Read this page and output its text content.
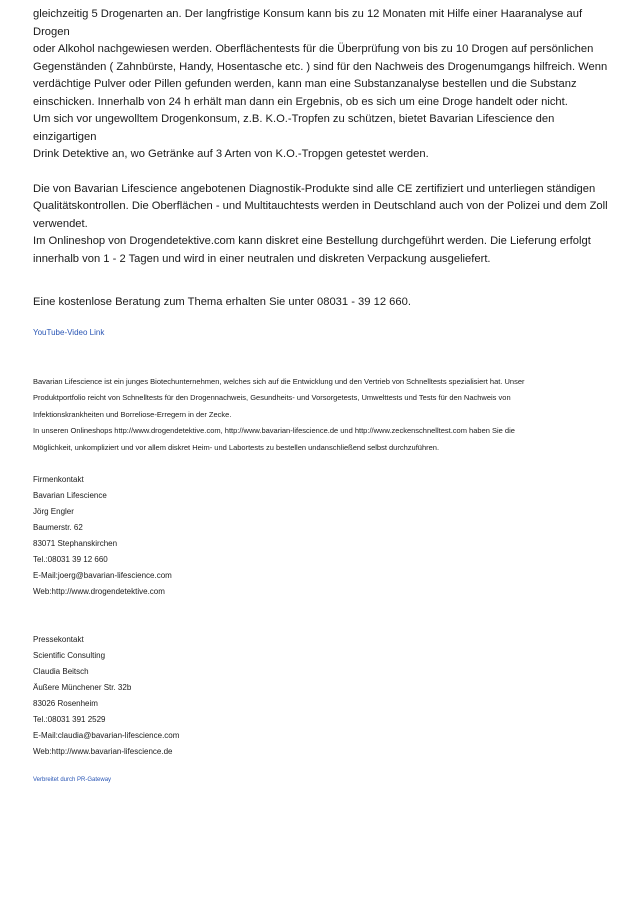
gleichzeitig 5 Drogenarten an. Der langfristige Konsum kann bis zu 12 Monaten mit Hilfe einer Haaranalyse auf Drogen
oder Alkohol nachgewiesen werden. Oberflächentests für die Überprüfung von bis zu 10 Drogen auf persönlichen
Gegenständen ( Zahnbürste, Handy, Hosentasche etc. ) sind für den Nachweis des Drogenumgangs hilfreich. Wenn
verdächtige Pulver oder Pillen gefunden werden, kann man eine Substanzanalyse bestellen und die Substanz
einschicken. Innerhalb von 24 h erhält man dann ein Ergebnis, ob es sich um eine Droge handelt oder nicht.
Um sich vor ungewolltem Drogenkonsum, z.B. K.O.-Tropfen zu schützen, bietet Bavarian Lifescience den einzigartigen
Drink Detektive an, wo Getränke auf 3 Arten von K.O.-Tropgen getestet werden.

Die von Bavarian Lifescience angebotenen Diagnostik-Produkte sind alle CE zertifiziert und unterliegen ständigen
Qualitätskontrollen. Die Oberflächen - und Multitauchtests werden in Deutschland auch von der Polizei und dem Zoll
verwendet.
Im Onlineshop von Drogendetektive.com kann diskret eine Bestellung durchgeführt werden. Die Lieferung erfolgt
innerhalb von 1 - 2 Tagen und wird in einer neutralen und diskreten Verpackung ausgeliefert.

Eine kostenlose Beratung zum Thema erhalten Sie unter 08031 - 39 12 660.

YouTube-Video Link

Bavarian Lifescience ist ein junges Biotechunternehmen, welches sich auf die Entwicklung und den Vertrieb von Schnelltests spezialisiert hat. Unser
Produktportfolio reicht von Schnelltests für den Drogennachweis, Gesundheits- und Vorsorgetests, Umwelttests und Tests für den Nachweis von
Infektionskrankheiten und Borreliose-Erregern in der Zecke.
In unseren Onlineshops http://www.drogendetektive.com, http://www.bavarian-lifescience.de und http://www.zeckenschnelltest.com haben Sie die
Möglichkeit, unkompliziert und vor allem diskret Heim- und Labortests zu bestellen undanschließend selbst durchzuführen.

Firmenkontakt

Bavarian Lifescience

Jörg Engler

Baumerstr. 62

83071 Stephanskirchen

Tel.:08031 39 12 660

E-Mail:joerg@bavarian-lifescience.com

Web:http://www.drogendetektive.com

Pressekontakt

Scientific Consulting

Claudia Beitsch

Äußere Münchener Str. 32b

83026 Rosenheim

Tel.:08031 391 2529

E-Mail:claudia@bavarian-lifescience.com

Web:http://www.bavarian-lifescience.de

Verbreitet durch PR-Gateway
